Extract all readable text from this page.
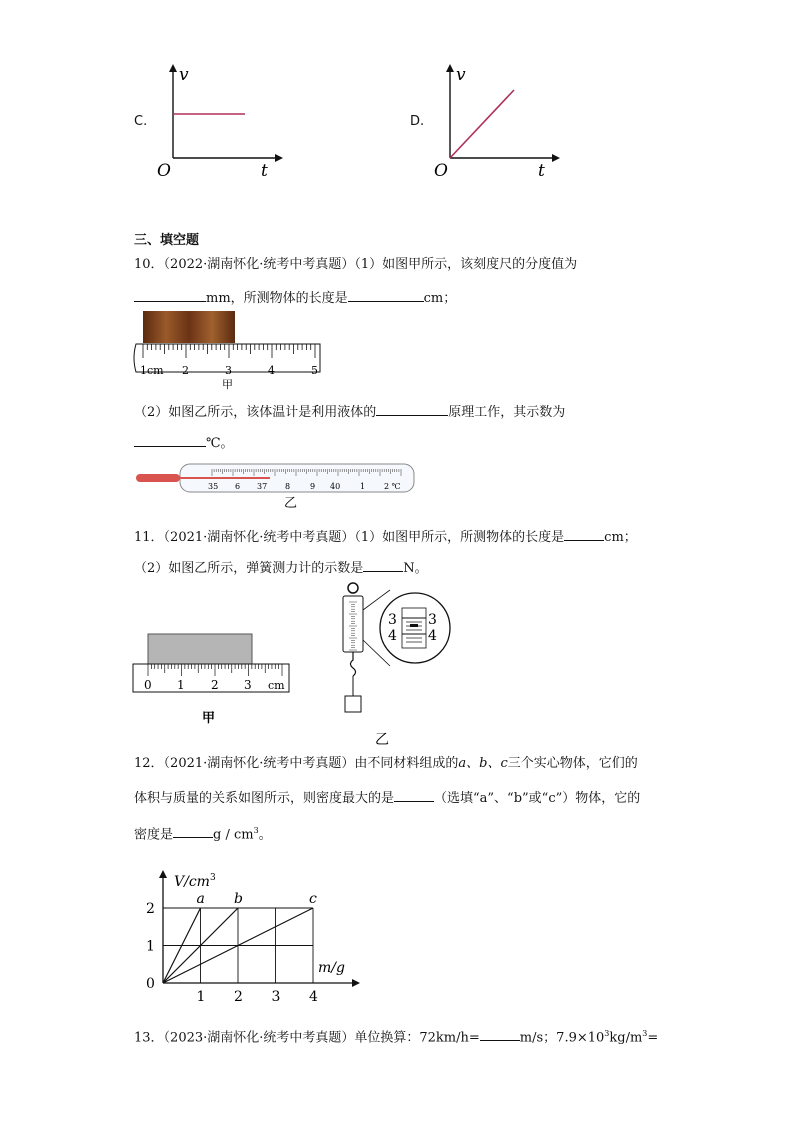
C.
v
t
O
D.
v
t
O
三、填空题
10．（2022·湖南怀化·统考中考真题）（1）如图甲所示，该刻度尺的分度值为
mm，所测物体的长度是	cm；
1cm 2	3	4	5
甲
（2）如图乙所示，该体温计是利用液体的	原理工作，其示数为
℃。
35 6 37 8 9 40 1 2 ℃
乙
11．（2021·湖南怀化·统考中考真题）（1）如图甲所示，所测物体的长度是	cm；
（2）如图乙所示，弹簧测力计的示数是	N。
0 1 2 3 cm
甲
3
4
3
4
乙
12．（2021·湖南怀化·统考中考真题）由不同材料组成的a、b、c三个实心物体，它们的
体积与质量的关系如图所示，则密度最大的是	（选填“a”、“b”或“c”）物体，它的
密度是	g / $cm^3$。
$V/cm^3$
m/g
0
1
2
1 2 3 4
a b	c
13．（2023·湖南怀化·统考中考真题）单位换算：72km/h=	m/s；$7.9\times 10^3kg/m^3=$
